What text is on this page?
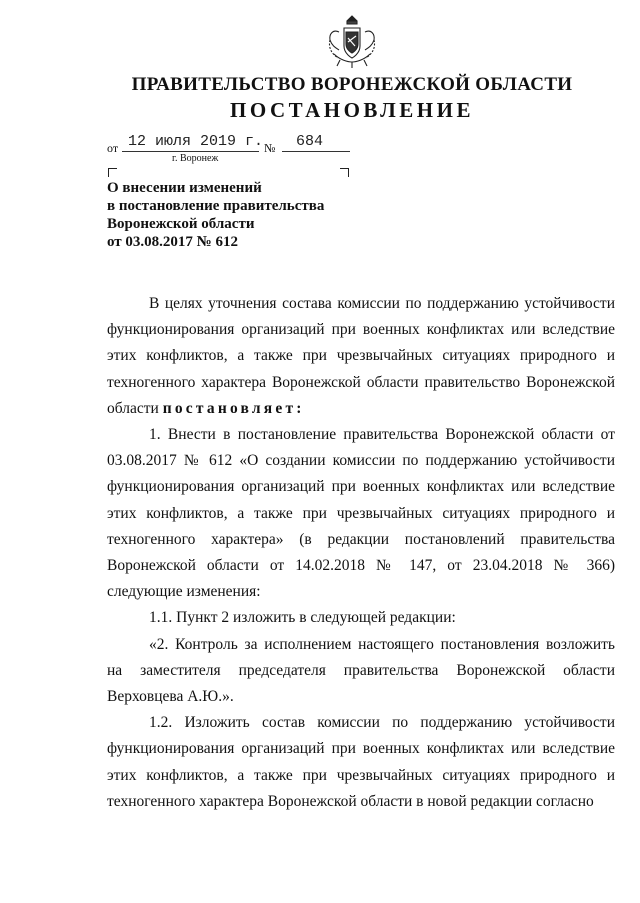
ПРАВИТЕЛЬСТВО ВОРОНЕЖСКОЙ ОБЛАСТИ
ПОСТАНОВЛЕНИЕ
от 12 июля 2019 г. № 684
г. Воронеж
О внесении изменений
в постановление правительства
Воронежской области
от 03.08.2017 № 612

В целях уточнения состава комиссии по поддержанию устойчивости функционирования организаций при военных конфликтах или вследствие этих конфликтов, а также при чрезвычайных ситуациях природного и техногенного характера Воронежской области правительство Воронежской области постановляет:

1. Внести в постановление правительства Воронежской области от 03.08.2017 № 612 «О создании комиссии по поддержанию устойчивости функционирования организаций при военных конфликтах или вследствие этих конфликтов, а также при чрезвычайных ситуациях природного и техногенного характера» (в редакции постановлений правительства Воронежской области от 14.02.2018 № 147, от 23.04.2018 № 366) следующие изменения:

1.1. Пункт 2 изложить в следующей редакции:

«2. Контроль за исполнением настоящего постановления возложить на заместителя председателя правительства Воронежской области Верховцева А.Ю.».

1.2. Изложить состав комиссии по поддержанию устойчивости функционирования организаций при военных конфликтах или вследствие этих конфликтов, а также при чрезвычайных ситуациях природного и техногенного характера Воронежской области в новой редакции согласно
